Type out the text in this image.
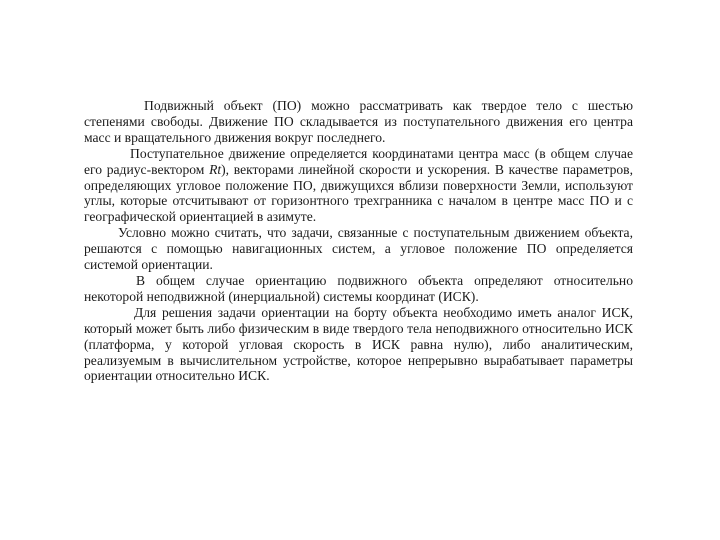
Подвижный объект (ПО) можно рассматривать как твердое тело с шестью степенями свободы. Движение ПО складывается из поступательного движения его центра масс и вращательного движения вокруг последнего.

Поступательное движение определяется координатами центра масс (в общем случае его радиус-вектором Rt), векторами линейной скорости и ускорения. В качестве параметров, определяющих угловое положение ПО, движущихся вблизи поверхности Земли, используют углы, которые отсчитывают от горизонтного трехгранника с началом в центре масс ПО и с географической ориентацией в азимуте.

Условно можно считать, что задачи, связанные с поступательным движением объекта, решаются с помощью навигационных систем, а угловое положение ПО определяется системой ориентации.

В общем случае ориентацию подвижного объекта определяют относительно некоторой неподвижной (инерциальной) системы координат (ИСК).

Для решения задачи ориентации на борту объекта необходимо иметь аналог ИСК, который может быть либо физическим в виде твердого тела неподвижного относительно ИСК (платформа, у которой угловая скорость в ИСК равна нулю), либо аналитическим, реализуемым в вычислительном устройстве, которое непрерывно вырабатывает параметры ориентации относительно ИСК.
